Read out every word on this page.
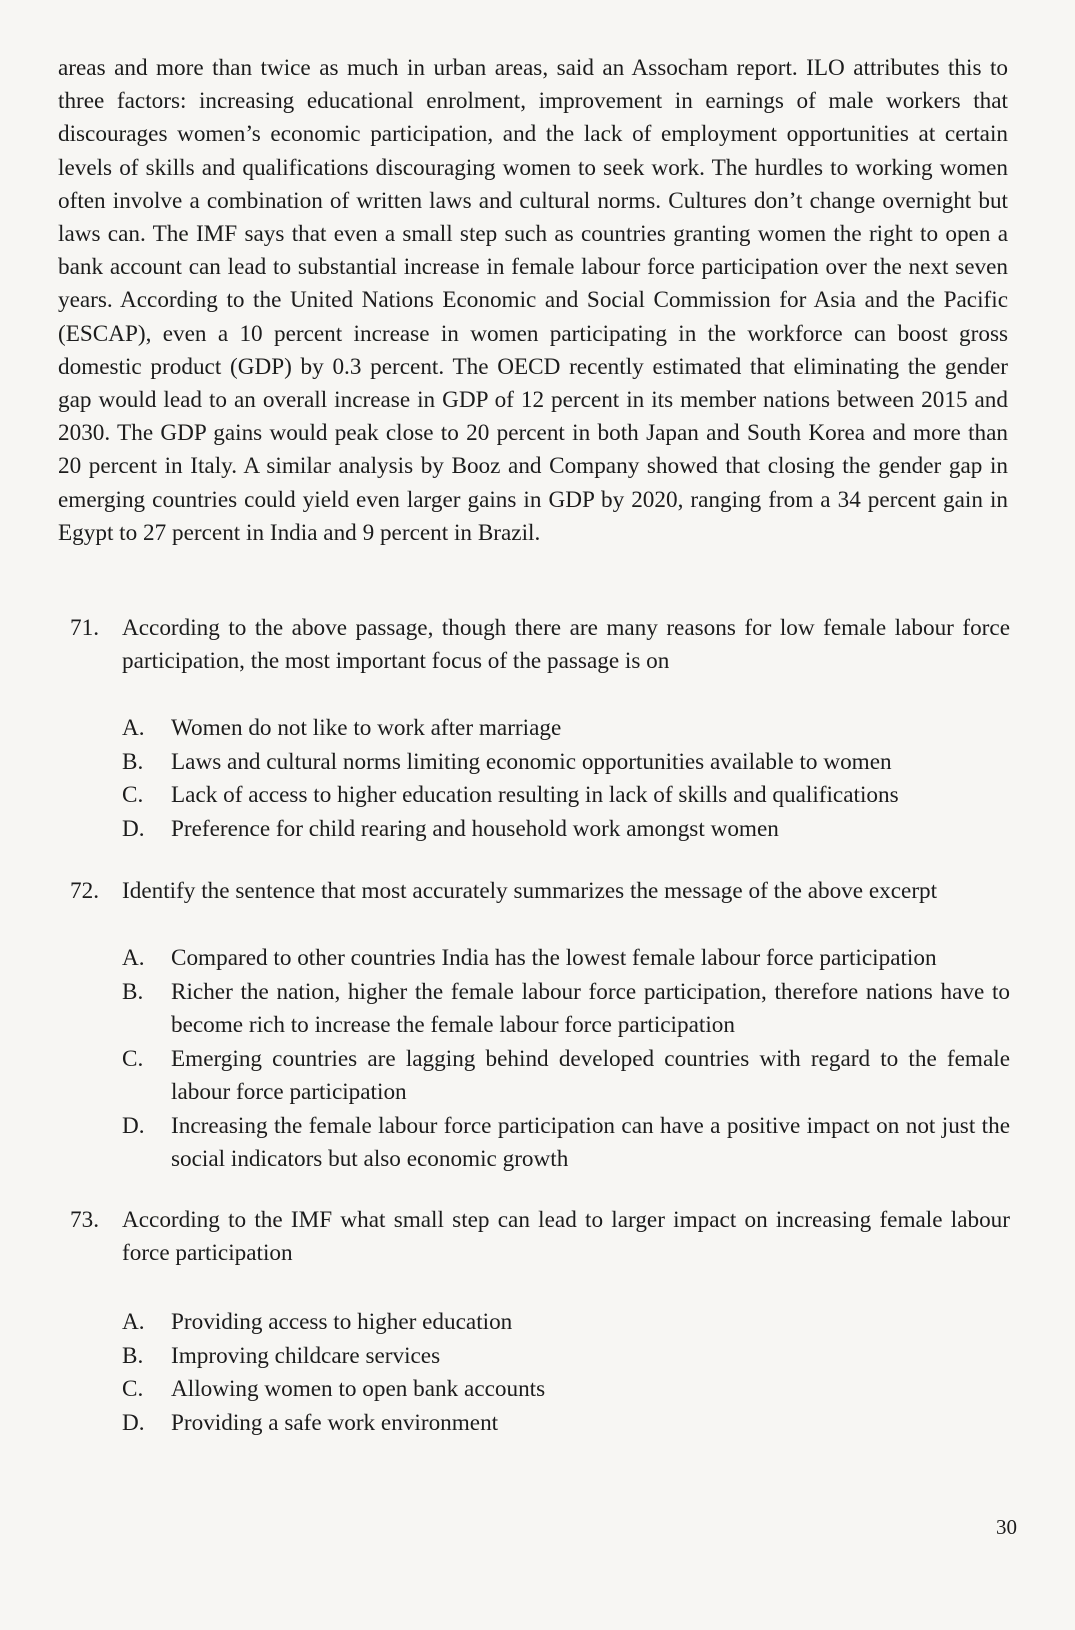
areas and more than twice as much in urban areas, said an Assocham report. ILO attributes this to three factors: increasing educational enrolment, improvement in earnings of male workers that discourages women’s economic participation, and the lack of employment opportunities at certain levels of skills and qualifications discouraging women to seek work. The hurdles to working women often involve a combination of written laws and cultural norms. Cultures don’t change overnight but laws can. The IMF says that even a small step such as countries granting women the right to open a bank account can lead to substantial increase in female labour force participation over the next seven years. According to the United Nations Economic and Social Commission for Asia and the Pacific (ESCAP), even a 10 percent increase in women participating in the workforce can boost gross domestic product (GDP) by 0.3 percent. The OECD recently estimated that eliminating the gender gap would lead to an overall increase in GDP of 12 percent in its member nations between 2015 and 2030. The GDP gains would peak close to 20 percent in both Japan and South Korea and more than 20 percent in Italy. A similar analysis by Booz and Company showed that closing the gender gap in emerging countries could yield even larger gains in GDP by 2020, ranging from a 34 percent gain in Egypt to 27 percent in India and 9 percent in Brazil.

71. According to the above passage, though there are many reasons for low female labour force participation, the most important focus of the passage is on
A.	Women do not like to work after marriage
B.	Laws and cultural norms limiting economic opportunities available to women
C.	Lack of access to higher education resulting in lack of skills and qualifications
D.	Preference for child rearing and household work amongst women
72. Identify the sentence that most accurately summarizes the message of the above excerpt
A.	Compared to other countries India has the lowest female labour force participation
B.	Richer the nation, higher the female labour force participation, therefore nations have to become rich to increase the female labour force participation
C.	Emerging countries are lagging behind developed countries with regard to the female labour force participation
D.	Increasing the female labour force participation can have a positive impact on not just the social indicators but also economic growth
73. According to the IMF what small step can lead to larger impact on increasing female labour force participation
A.	Providing access to higher education
B.	Improving childcare services
C.	Allowing women to open bank accounts
D.	Providing a safe work environment
30
